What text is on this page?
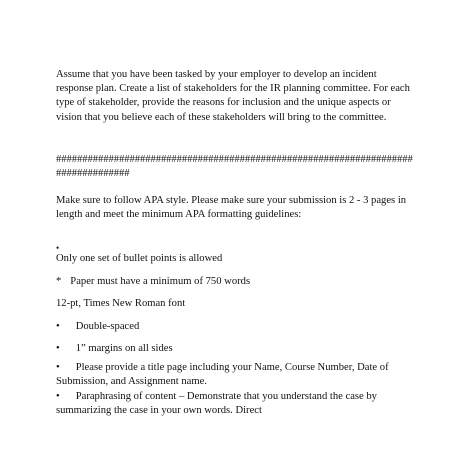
Assume that you have been tasked by your employer to develop an incident response plan. Create a list of stakeholders for the IR planning committee. For each type of stakeholder, provide the reasons for inclusion and the unique aspects or vision that you believe each of these stakeholders will bring to the committee.

##################################################################################

Make sure to follow APA style. Please make sure your submission is 2 - 3 pages in length and meet the minimum APA formatting guidelines:

•

Only one set of bullet points is allowed

* Paper must have a minimum of 750 words

12-pt, Times New Roman font

• Double-spaced

• 1” margins on all sides

• Please provide a title page including your Name, Course Number, Date of Submission, and Assignment name.

• Paraphrasing of content – Demonstrate that you understand the case by summarizing the case in your own words. Direct
